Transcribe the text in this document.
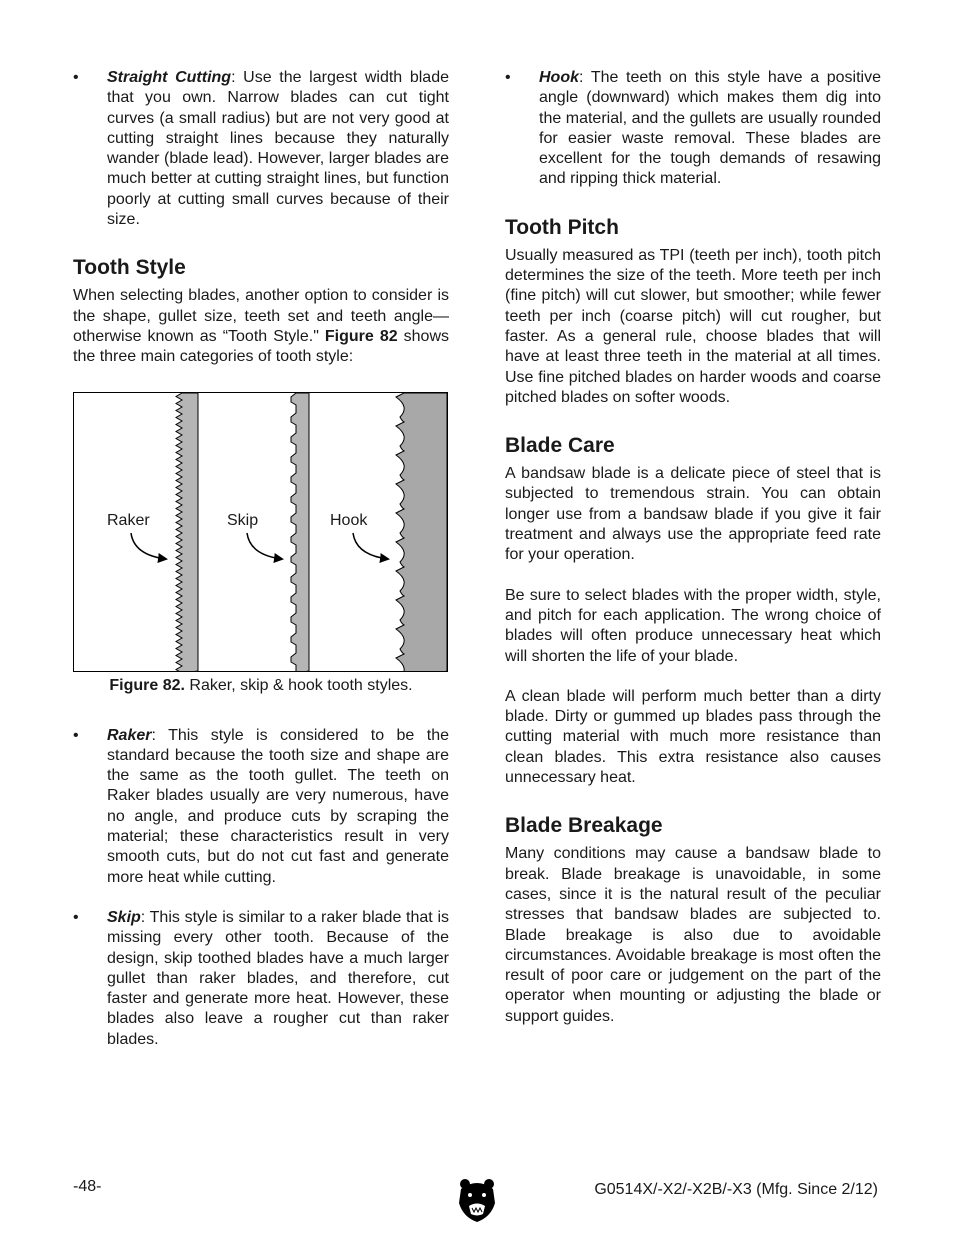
• Straight Cutting: Use the largest width blade that you own. Narrow blades can cut tight curves (a small radius) but are not very good at cutting straight lines because they naturally wander (blade lead). However, larger blades are much better at cutting straight lines, but function poorly at cutting small curves because of their size.

Tooth Style

When selecting blades, another option to consider is the shape, gullet size, teeth set and teeth angle—otherwise known as “Tooth Style." Figure 82 shows the three main categories of tooth style:

Raker	Skip	Hook
Figure 82. Raker, skip & hook tooth styles.
• Raker: This style is considered to be the standard because the tooth size and shape are the same as the tooth gullet. The teeth on Raker blades usually are very numerous, have no angle, and produce cuts by scraping the material; these characteristics result in very smooth cuts, but do not cut fast and generate more heat while cutting.

• Skip: This style is similar to a raker blade that is missing every other tooth. Because of the design, skip toothed blades have a much larger gullet than raker blades, and therefore, cut faster and generate more heat. However, these blades also leave a rougher cut than raker blades.

• Hook: The teeth on this style have a positive angle (downward) which makes them dig into the material, and the gullets are usually rounded for easier waste removal. These blades are excellent for the tough demands of resawing and ripping thick material.

Tooth Pitch

Usually measured as TPI (teeth per inch), tooth pitch determines the size of the teeth. More teeth per inch (fine pitch) will cut slower, but smoother; while fewer teeth per inch (coarse pitch) will cut rougher, but faster. As a general rule, choose blades that will have at least three teeth in the material at all times. Use fine pitched blades on harder woods and coarse pitched blades on softer woods.

Blade Care

A bandsaw blade is a delicate piece of steel that is subjected to tremendous strain. You can obtain longer use from a bandsaw blade if you give it fair treatment and always use the appropriate feed rate for your operation.

Be sure to select blades with the proper width, style, and pitch for each application. The wrong choice of blades will often produce unnecessary heat which will shorten the life of your blade.

A clean blade will perform much better than a dirty blade. Dirty or gummed up blades pass through the cutting material with much more resistance than clean blades. This extra resistance also causes unnecessary heat.

Blade Breakage

Many conditions may cause a bandsaw blade to break. Blade breakage is unavoidable, in some cases, since it is the natural result of the peculiar stresses that bandsaw blades are subjected to. Blade breakage is also due to avoidable circumstances. Avoidable breakage is most often the result of poor care or judgement on the part of the operator when mounting or adjusting the blade or support guides.

-48-	G0514X/-X2/-X2B/-X3 (Mfg. Since 2/12)
